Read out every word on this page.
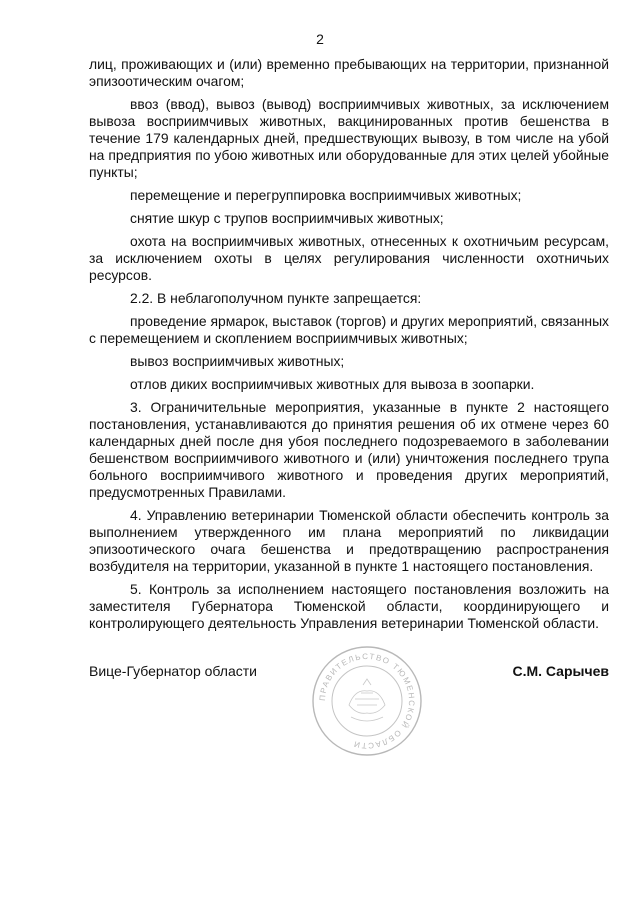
2

лиц, проживающих и (или) временно пребывающих на территории, признанной эпизоотическим очагом;

ввоз (ввод), вывоз (вывод) восприимчивых животных, за исключением вывоза восприимчивых животных, вакцинированных против бешенства в течение 179 календарных дней, предшествующих вывозу, в том числе на убой на предприятия по убою животных или оборудованные для этих целей убойные пункты;

перемещение и перегруппировка восприимчивых животных;

снятие шкур с трупов восприимчивых животных;

охота на восприимчивых животных, отнесенных к охотничьим ресурсам, за исключением охоты в целях регулирования численности охотничьих ресурсов.

2.2. В неблагополучном пункте запрещается:

проведение ярмарок, выставок (торгов) и других мероприятий, связанных с перемещением и скоплением восприимчивых животных;

вывоз восприимчивых животных;

отлов диких восприимчивых животных для вывоза в зоопарки.

3. Ограничительные мероприятия, указанные в пункте 2 настоящего постановления, устанавливаются до принятия решения об их отмене через 60 календарных дней после дня убоя последнего подозреваемого в заболевании бешенством восприимчивого животного и (или) уничтожения последнего трупа больного восприимчивого животного и проведения других мероприятий, предусмотренных Правилами.

4. Управлению ветеринарии Тюменской области обеспечить контроль за выполнением утвержденного им плана мероприятий по ликвидации эпизоотического очага бешенства и предотвращению распространения возбудителя на территории, указанной в пункте 1 настоящего постановления.

5. Контроль за исполнением настоящего постановления возложить на заместителя Губернатора Тюменской области, координирующего и контролирующего деятельность Управления ветеринарии Тюменской области.

Вице-Губернатор области	С.М. Сарычев
ПРАВИТЕЛЬСТВО ТЮМЕНСКОЙ ОБЛАСТИ
